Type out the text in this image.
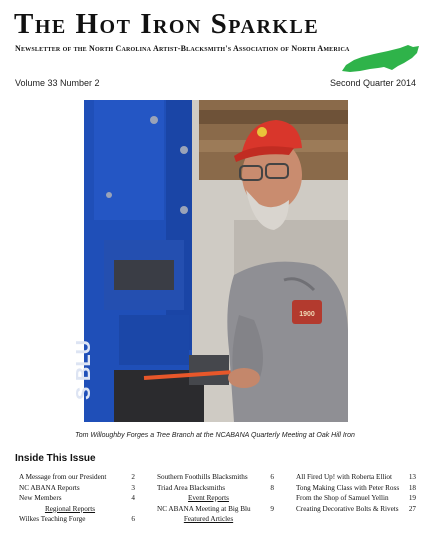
The Hot Iron Sparkle
Newsletter of the North Carolina Artist-Blacksmith's Association of North America
Volume 33 Number 2	Second Quarter 2014
S BLU
1900
Tom Willoughby Forges a Tree Branch at the NCABANA Quarterly Meeting at Oak Hill Iron
Inside This Issue
A Message from our President	2
NC ABANA Reports	3
New Members	4
Regional Reports
Wilkes Teaching Forge	6
Southern Foothills Blacksmiths	6
Triad Area Blacksmiths	8
Event Reports
NC ABANA Meeting at Big Blu	9
Featured Articles
All Fired Up! with Roberta Elliot 13
Tong Making Class with Peter Ross 18
From the Shop of Samuel Yellin	19
Creating Decorative Bolts & Rivets 27
